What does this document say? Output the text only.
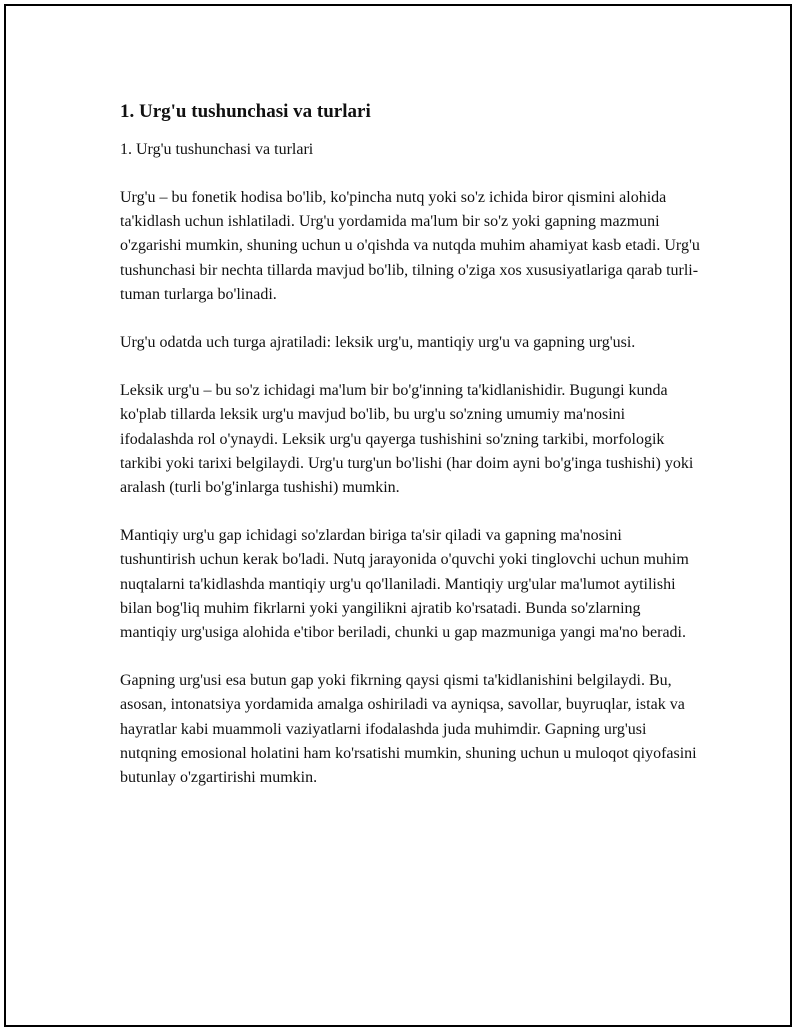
1. Urg'u tushunchasi va turlari

1. Urg'u tushunchasi va turlari

Urg'u – bu fonetik hodisa bo'lib, ko'pincha nutq yoki so'z ichida biror qismini alohida ta'kidlash uchun ishlatiladi. Urg'u yordamida ma'lum bir so'z yoki gapning mazmuni o'zgarishi mumkin, shuning uchun u o'qishda va nutqda muhim ahamiyat kasb etadi. Urg'u tushunchasi bir nechta tillarda mavjud bo'lib, tilning o'ziga xos xususiyatlariga qarab turli-tuman turlarga bo'linadi.

Urg'u odatda uch turga ajratiladi: leksik urg'u, mantiqiy urg'u va gapning urg'usi.

Leksik urg'u – bu so'z ichidagi ma'lum bir bo'g'inning ta'kidlanishidir. Bugungi kunda ko'plab tillarda leksik urg'u mavjud bo'lib, bu urg'u so'zning umumiy ma'nosini ifodalashda rol o'ynaydi. Leksik urg'u qayerga tushishini so'zning tarkibi, morfologik tarkibi yoki tarixi belgilaydi. Urg'u turg'un bo'lishi (har doim ayni bo'g'inga tushishi) yoki aralash (turli bo'g'inlarga tushishi) mumkin.

Mantiqiy urg'u gap ichidagi so'zlardan biriga ta'sir qiladi va gapning ma'nosini tushuntirish uchun kerak bo'ladi. Nutq jarayonida o'quvchi yoki tinglovchi uchun muhim nuqtalarni ta'kidlashda mantiqiy urg'u qo'llaniladi. Mantiqiy urg'ular ma'lumot aytilishi bilan bog'liq muhim fikrlarni yoki yangilikni ajratib ko'rsatadi. Bunda so'zlarning mantiqiy urg'usiga alohida e'tibor beriladi, chunki u gap mazmuniga yangi ma'no beradi.

Gapning urg'usi esa butun gap yoki fikrning qaysi qismi ta'kidlanishini belgilaydi. Bu, asosan, intonatsiya yordamida amalga oshiriladi va ayniqsa, savollar, buyruqlar, istak va hayratlar kabi muammoli vaziyatlarni ifodalashda juda muhimdir. Gapning urg'usi nutqning emosional holatini ham ko'rsatishi mumkin, shuning uchun u muloqot qiyofasini butunlay o'zgartirishi mumkin.
